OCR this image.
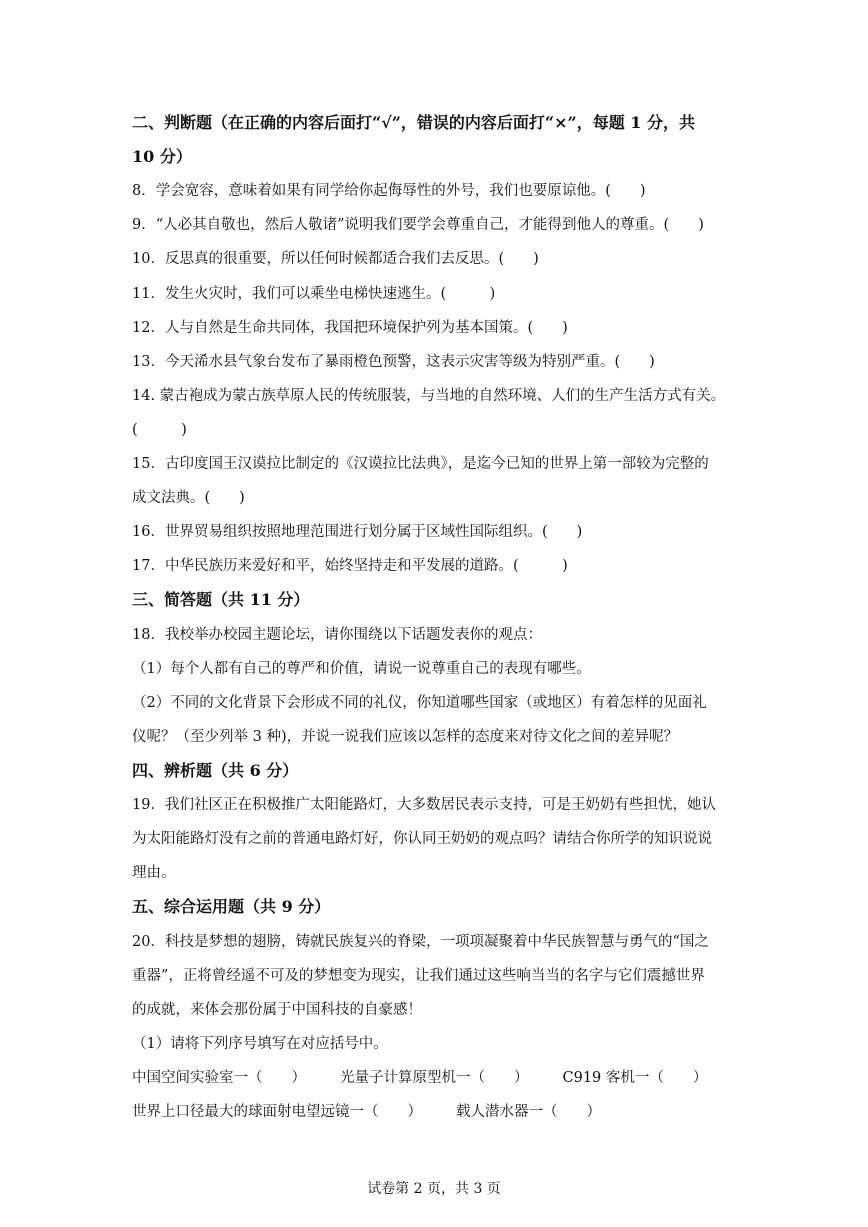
二、判断题（在正确的内容后面打“√”，错误的内容后面打“×”，每题 1 分，共
10 分）
8．学会宽容，意味着如果有同学给你起侮辱性的外号，我们也要原谅他。(　　)
9．“人必其自敬也，然后人敬诸”说明我们要学会尊重自己，才能得到他人的尊重。(　　)
10．反思真的很重要，所以任何时候都适合我们去反思。(　　)
11．发生火灾时，我们可以乘坐电梯快速逃生。(　　　)
12．人与自然是生命共同体，我国把环境保护列为基本国策。(　　)
13．今天浠水县气象台发布了暴雨橙色预警，这表示灾害等级为特别严重。(　　)
14. 蒙古袍成为蒙古族草原人民的传统服装，与当地的自然环境、人们的生产生活方式有关。
(　　　)
15．古印度国王汉谟拉比制定的《汉谟拉比法典》，是迄今已知的世界上第一部较为完整的
成文法典。(　　)
16．世界贸易组织按照地理范围进行划分属于区域性国际组织。(　　)
17．中华民族历来爱好和平，始终坚持走和平发展的道路。(　　　)
三、简答题（共 11 分）
18．我校举办校园主题论坛，请你围绕以下话题发表你的观点：
（1）每个人都有自己的尊严和价值，请说一说尊重自己的表现有哪些。
（2）不同的文化背景下会形成不同的礼仪，你知道哪些国家（或地区）有着怎样的见面礼
仪呢？（至少列举 3 种)，并说一说我们应该以怎样的态度来对待文化之间的差异呢？
四、辨析题（共 6 分）
19．我们社区正在积极推广太阳能路灯，大多数居民表示支持，可是王奶奶有些担忧，她认
为太阳能路灯没有之前的普通电路灯好，你认同王奶奶的观点吗？请结合你所学的知识说说
理由。
五、综合运用题（共 9 分）
20．科技是梦想的翅膀，铸就民族复兴的脊梁，一项项凝聚着中华民族智慧与勇气的“国之
重器”，正将曾经遥不可及的梦想变为现实，让我们通过这些响当当的名字与它们震撼世界
的成就，来体会那份属于中国科技的自豪感！
（1）请将下列序号填写在对应括号中。
中国空间实验室一（　　） 光量子计算原型机一（　　） C919 客机一（　　）
世界上口径最大的球面射电望远镜一（　　） 载人潜水器一（　　）
试卷第 2 页，共 3 页
